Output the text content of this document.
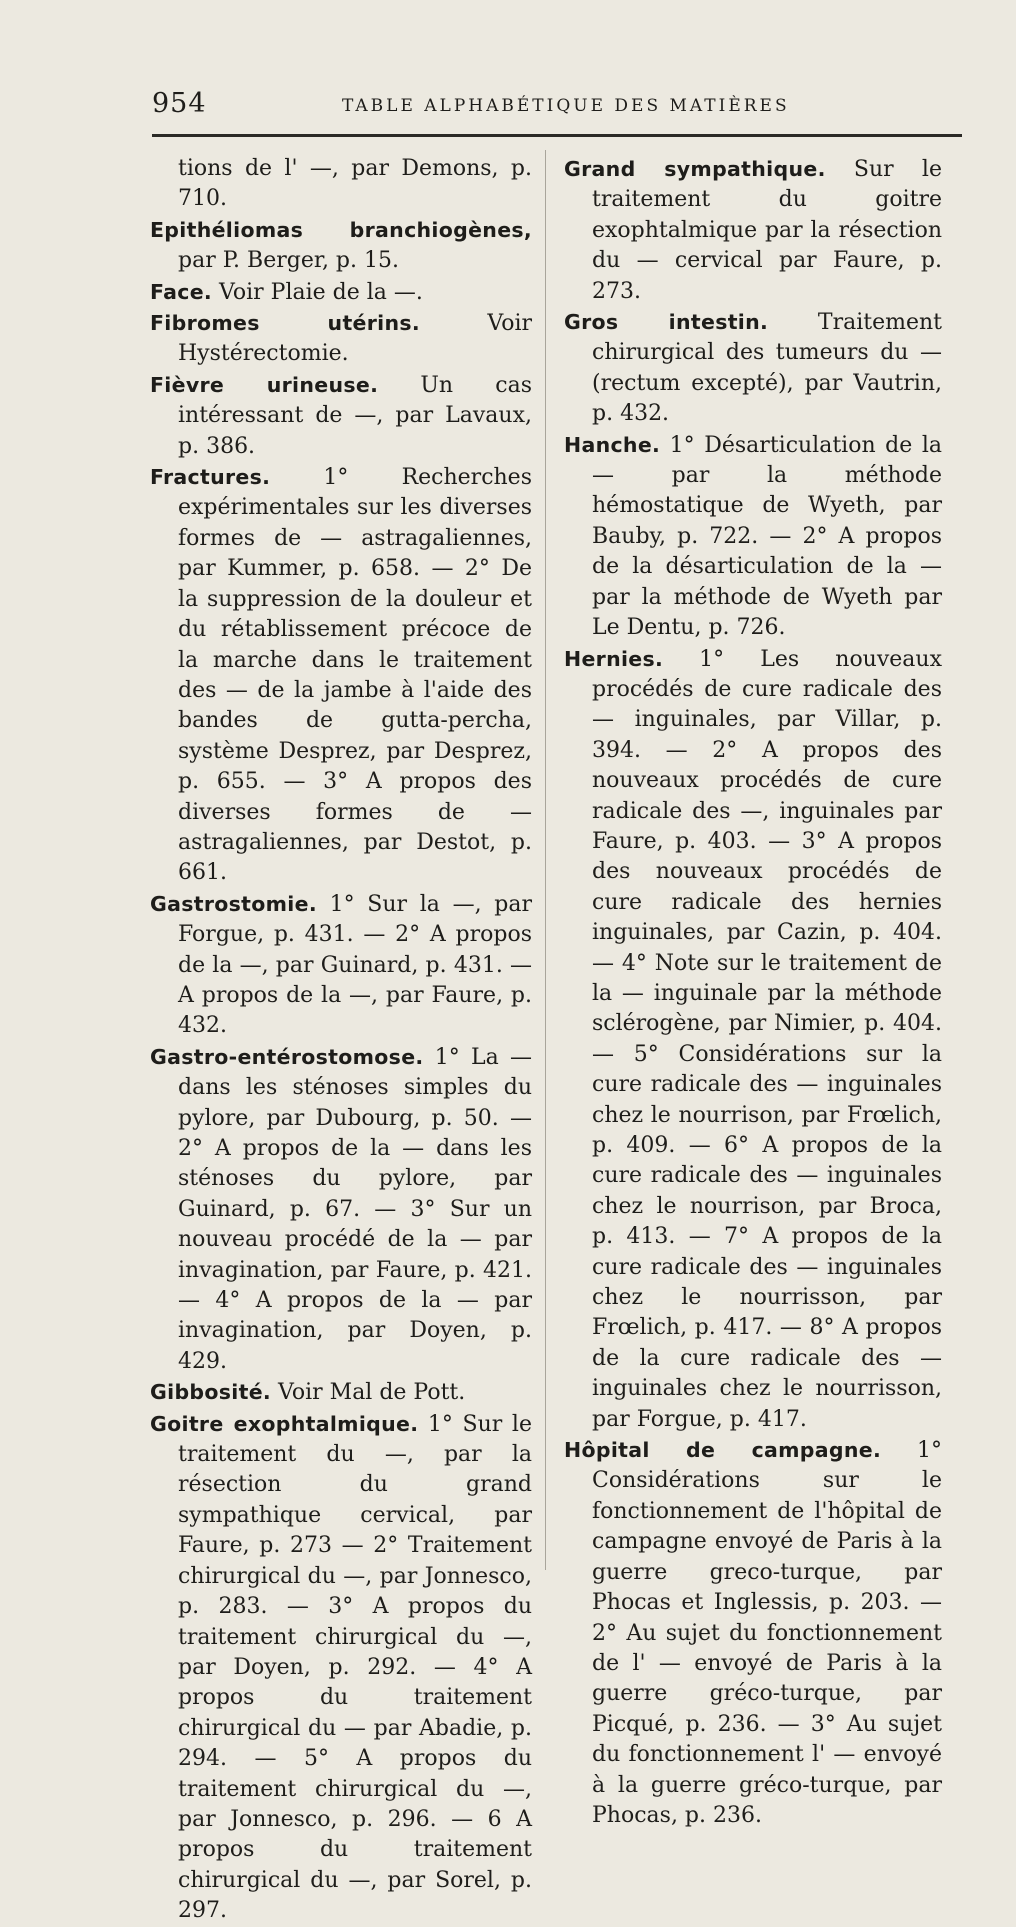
954	TABLE ALPHABÉTIQUE DES MATIÈRES

tions de l' —, par Demons, p. 710.

Epithéliomas branchiogènes, par P. Berger, p. 15.

Face. Voir Plaie de la —.

Fibromes utérins. Voir Hystérectomie.

Fièvre urineuse. Un cas intéressant de —, par Lavaux, p. 386.

Fractures. 1° Recherches expérimentales sur les diverses formes de — astragaliennes, par Kummer, p. 658. — 2° De la suppression de la douleur et du rétablissement précoce de la marche dans le traitement des — de la jambe à l'aide des bandes de gutta-percha, système Desprez, par Desprez, p. 655. — 3° A propos des diverses formes de — astragaliennes, par Destot, p. 661.

Gastrostomie. 1° Sur la —, par Forgue, p. 431. — 2° A propos de la —, par Guinard, p. 431. — A propos de la —, par Faure, p. 432.

Gastro-entérostomose. 1° La — dans les sténoses simples du pylore, par Dubourg, p. 50. — 2° A propos de la — dans les sténoses du pylore, par Guinard, p. 67. — 3° Sur un nouveau procédé de la — par invagination, par Faure, p. 421. — 4° A propos de la — par invagination, par Doyen, p. 429.

Gibbosité. Voir Mal de Pott.

Goitre exophtalmique. 1° Sur le traitement du —, par la résection du grand sympathique cervical, par Faure, p. 273 — 2° Traitement chirurgical du —, par Jonnesco, p. 283. — 3° A propos du traitement chirurgical du —, par Doyen, p. 292. — 4° A propos du traitement chirurgical du — par Abadie, p. 294. — 5° A propos du traitement chirurgical du —, par Jonnesco, p. 296. — 6 A propos du traitement chirurgical du —, par Sorel, p. 297.

Grand sympathique. Sur le traitement du goitre exophtalmique par la résection du — cervical par Faure, p. 273.

Gros intestin. Traitement chirurgical des tumeurs du — (rectum excepté), par Vautrin, p. 432.

Hanche. 1° Désarticulation de la — par la méthode hémostatique de Wyeth, par Bauby, p. 722. — 2° A propos de la désarticulation de la — par la méthode de Wyeth par Le Dentu, p. 726.

Hernies. 1° Les nouveaux procédés de cure radicale des — inguinales, par Villar, p. 394. — 2° A propos des nouveaux procédés de cure radicale des —, inguinales par Faure, p. 403. — 3° A propos des nouveaux procédés de cure radicale des hernies inguinales, par Cazin, p. 404. — 4° Note sur le traitement de la — inguinale par la méthode sclérogène, par Nimier, p. 404. — 5° Considérations sur la cure radicale des — inguinales chez le nourrison, par Frœlich, p. 409. — 6° A propos de la cure radicale des — inguinales chez le nourrison, par Broca, p. 413. — 7° A propos de la cure radicale des — inguinales chez le nourrisson, par Frœlich, p. 417. — 8° A propos de la cure radicale des — inguinales chez le nourrisson, par Forgue, p. 417.

Hôpital de campagne. 1° Considérations sur le fonctionnement de l'hôpital de campagne envoyé de Paris à la guerre greco-turque, par Phocas et Inglessis, p. 203. — 2° Au sujet du fonctionnement de l' — envoyé de Paris à la guerre gréco-turque, par Picqué, p. 236. — 3° Au sujet du fonctionnement l' — envoyé à la guerre gréco-turque, par Phocas, p. 236.
